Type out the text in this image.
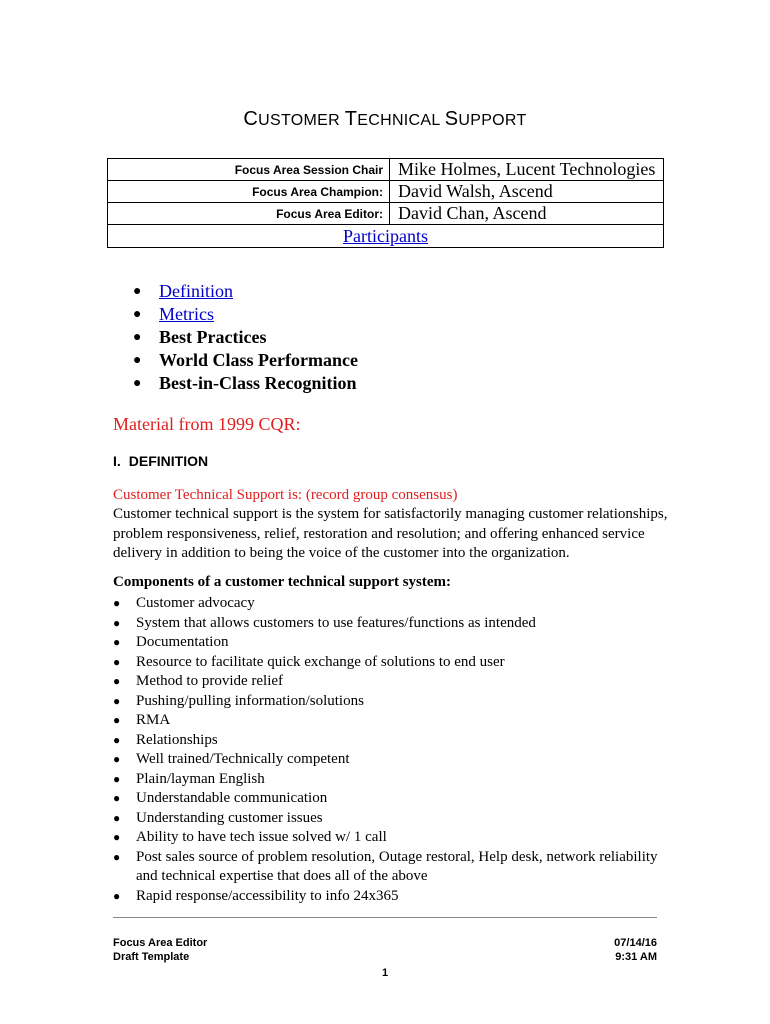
CUSTOMER TECHNICAL SUPPORT
Focus Area Session Chair	Mike Holmes, Lucent Technologies
Focus Area Champion:	David Walsh, Ascend
Focus Area Editor:	David Chan, Ascend
Participants	
● Definition
● Metrics
● Best Practices
● World Class Performance
● Best-in-Class Recognition
Material from 1999 CQR:
I. DEFINITION
Customer Technical Support is: (record group consensus)
Customer technical support is the system for satisfactorily managing customer relationships, problem responsiveness, relief, restoration and resolution; and offering enhanced service delivery in addition to being the voice of the customer into the organization.
Components of a customer technical support system:
● Customer advocacy
● System that allows customers to use features/functions as intended
● Documentation
● Resource to facilitate quick exchange of solutions to end user
● Method to provide relief
● Pushing/pulling information/solutions
● RMA
● Relationships
● Well trained/Technically competent
● Plain/layman English
● Understandable communication
● Understanding customer issues
● Ability to have tech issue solved w/ 1 call
● Post sales source of problem resolution, Outage restoral, Help desk, network reliability and technical expertise that does all of the above
● Rapid response/accessibility to info 24x365
Focus Area Editor
Draft Template
07/14/16
9:31 AM
1
